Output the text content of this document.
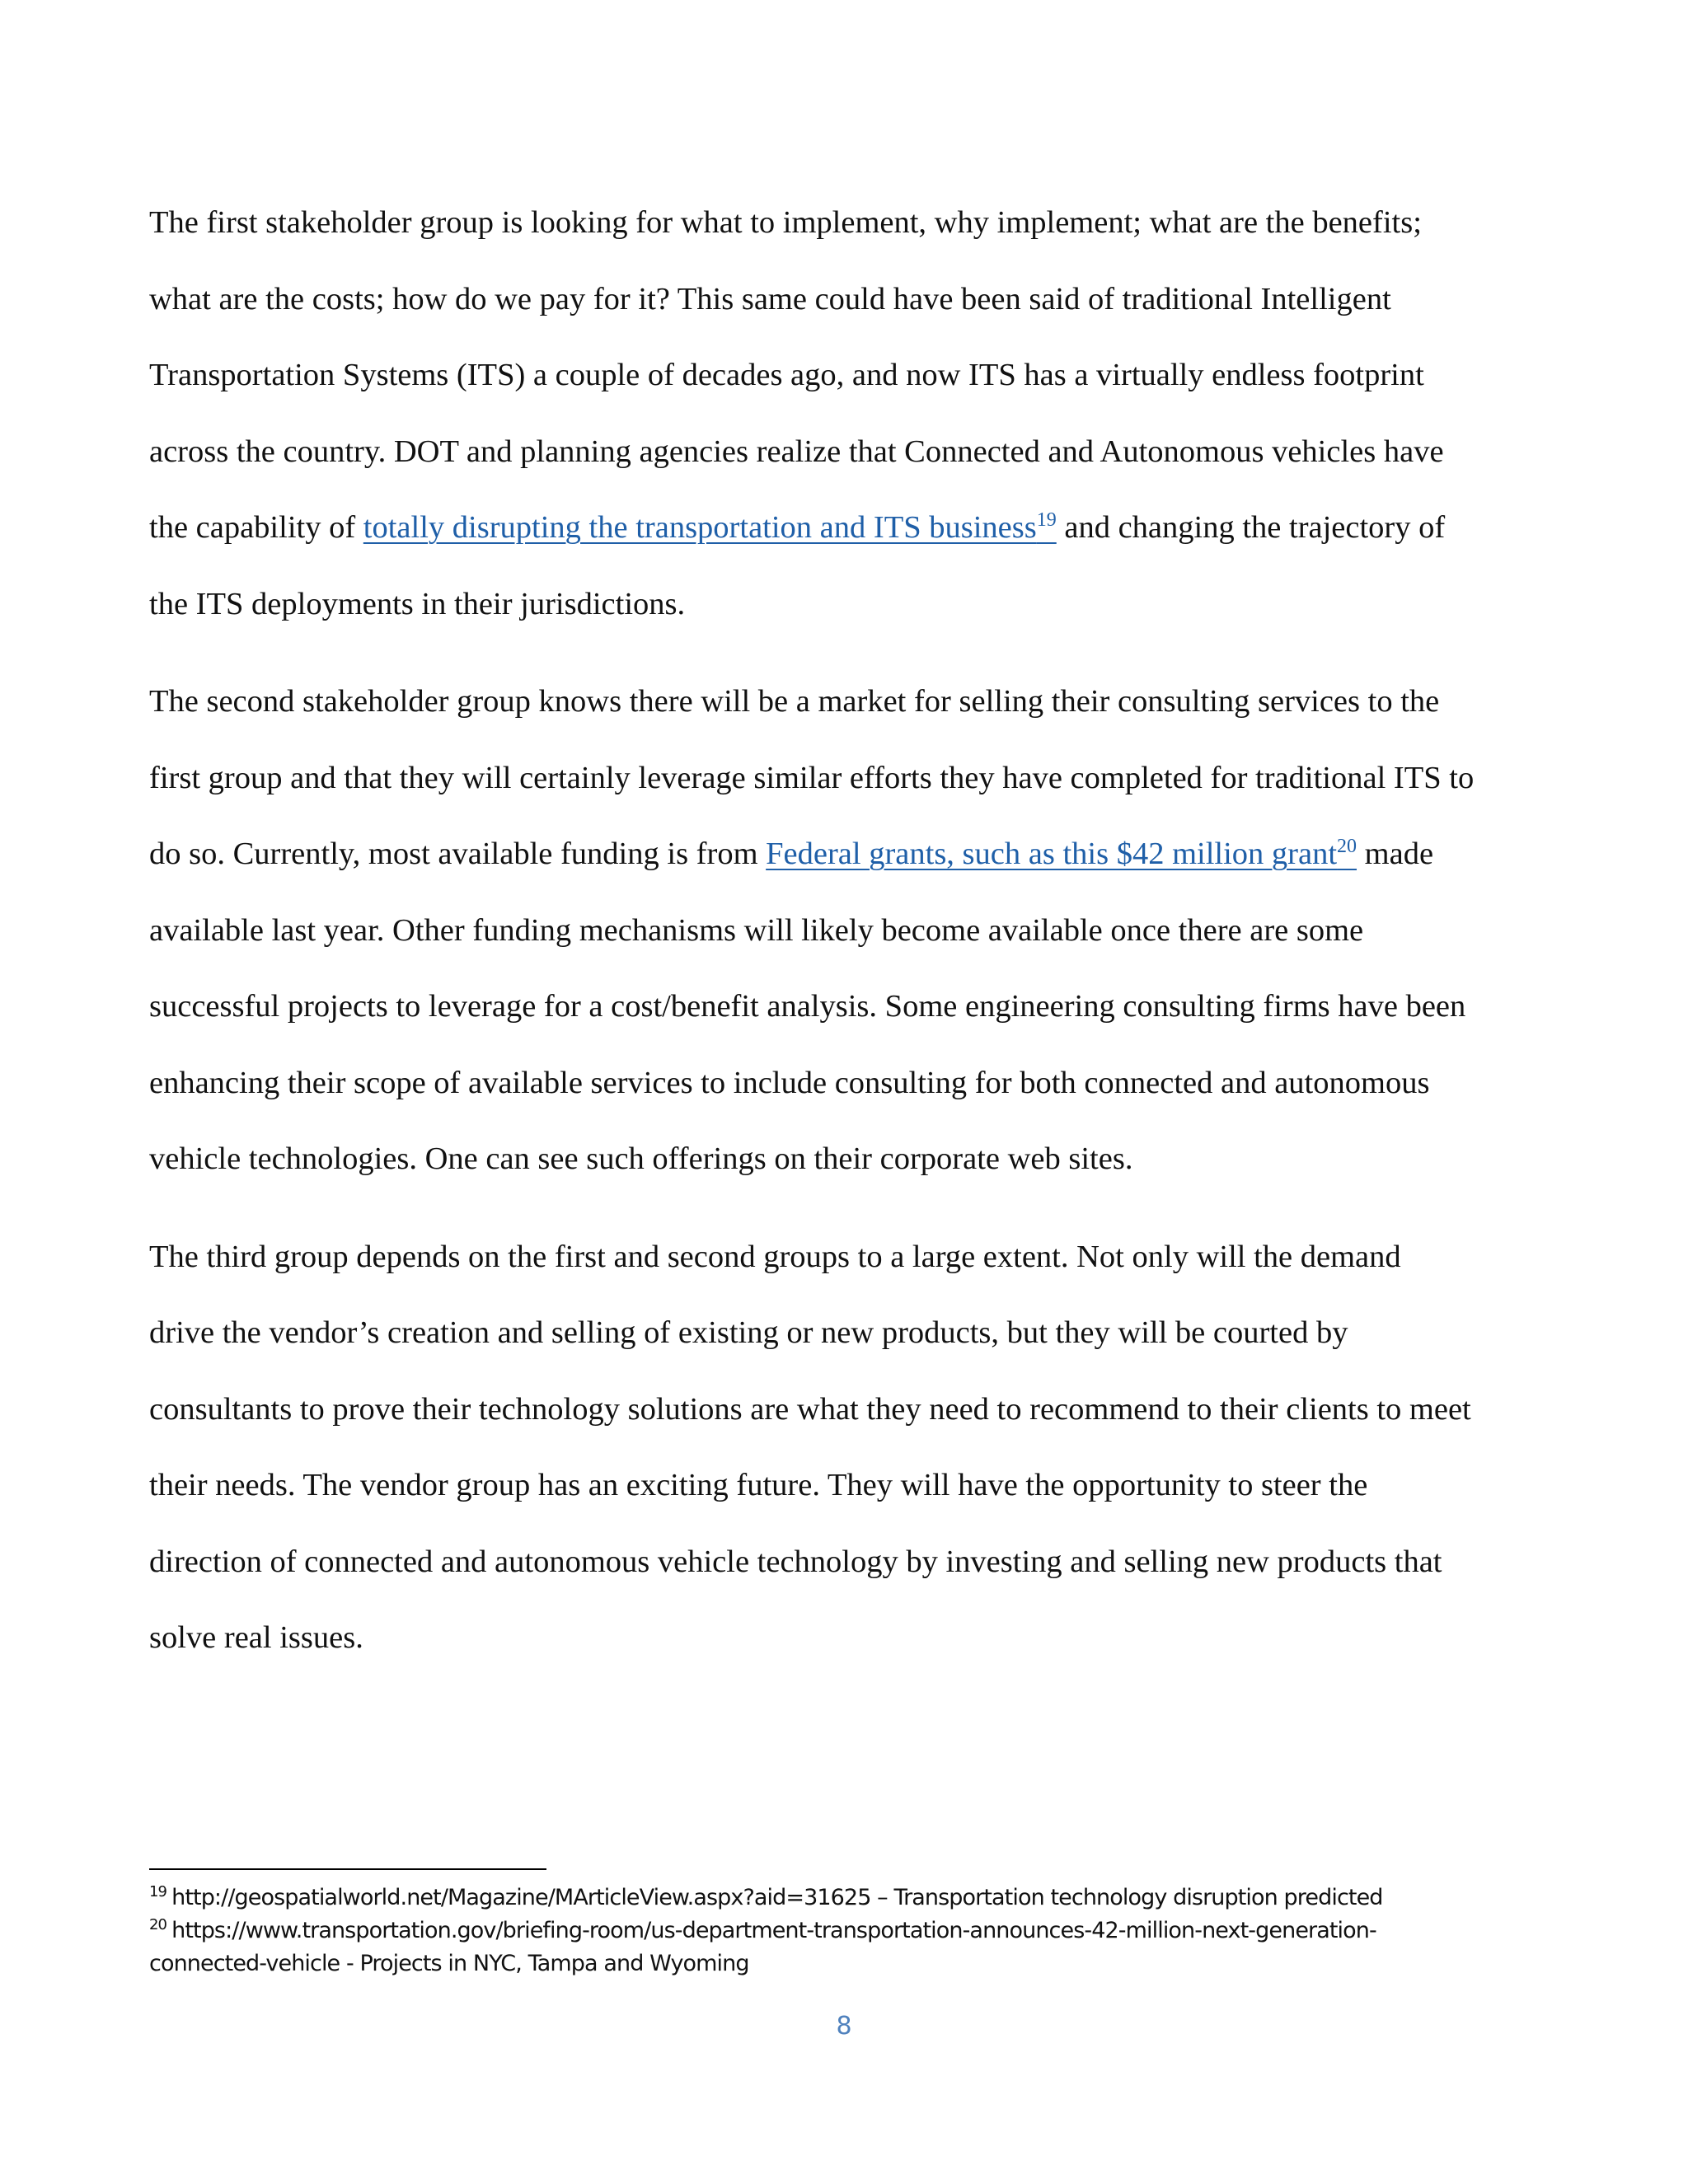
The first stakeholder group is looking for what to implement, why implement; what are the benefits;
what are the costs; how do we pay for it? This same could have been said of traditional Intelligent
Transportation Systems (ITS) a couple of decades ago, and now ITS has a virtually endless footprint
across the country. DOT and planning agencies realize that Connected and Autonomous vehicles have
the capability of totally disrupting the transportation and ITS business$^{19}$ and changing the trajectory of
the ITS deployments in their jurisdictions.

The second stakeholder group knows there will be a market for selling their consulting services to the
first group and that they will certainly leverage similar efforts they have completed for traditional ITS to
do so. Currently, most available funding is from Federal grants, such as this $42 million grant$^{20}$ made
available last year. Other funding mechanisms will likely become available once there are some
successful projects to leverage for a cost/benefit analysis. Some engineering consulting firms have been
enhancing their scope of available services to include consulting for both connected and autonomous
vehicle technologies. One can see such offerings on their corporate web sites.

The third group depends on the first and second groups to a large extent. Not only will the demand
drive the vendor’s creation and selling of existing or new products, but they will be courted by
consultants to prove their technology solutions are what they need to recommend to their clients to meet
their needs. The vendor group has an exciting future. They will have the opportunity to steer the
direction of connected and autonomous vehicle technology by investing and selling new products that
solve real issues.

$^{19}$ http://geospatialworld.net/Magazine/MArticleView.aspx?aid=31625 – Transportation technology disruption predicted
$^{20}$ https://www.transportation.gov/briefing-room/us-department-transportation-announces-42-million-next-generation-
connected-vehicle - Projects in NYC, Tampa and Wyoming
8
